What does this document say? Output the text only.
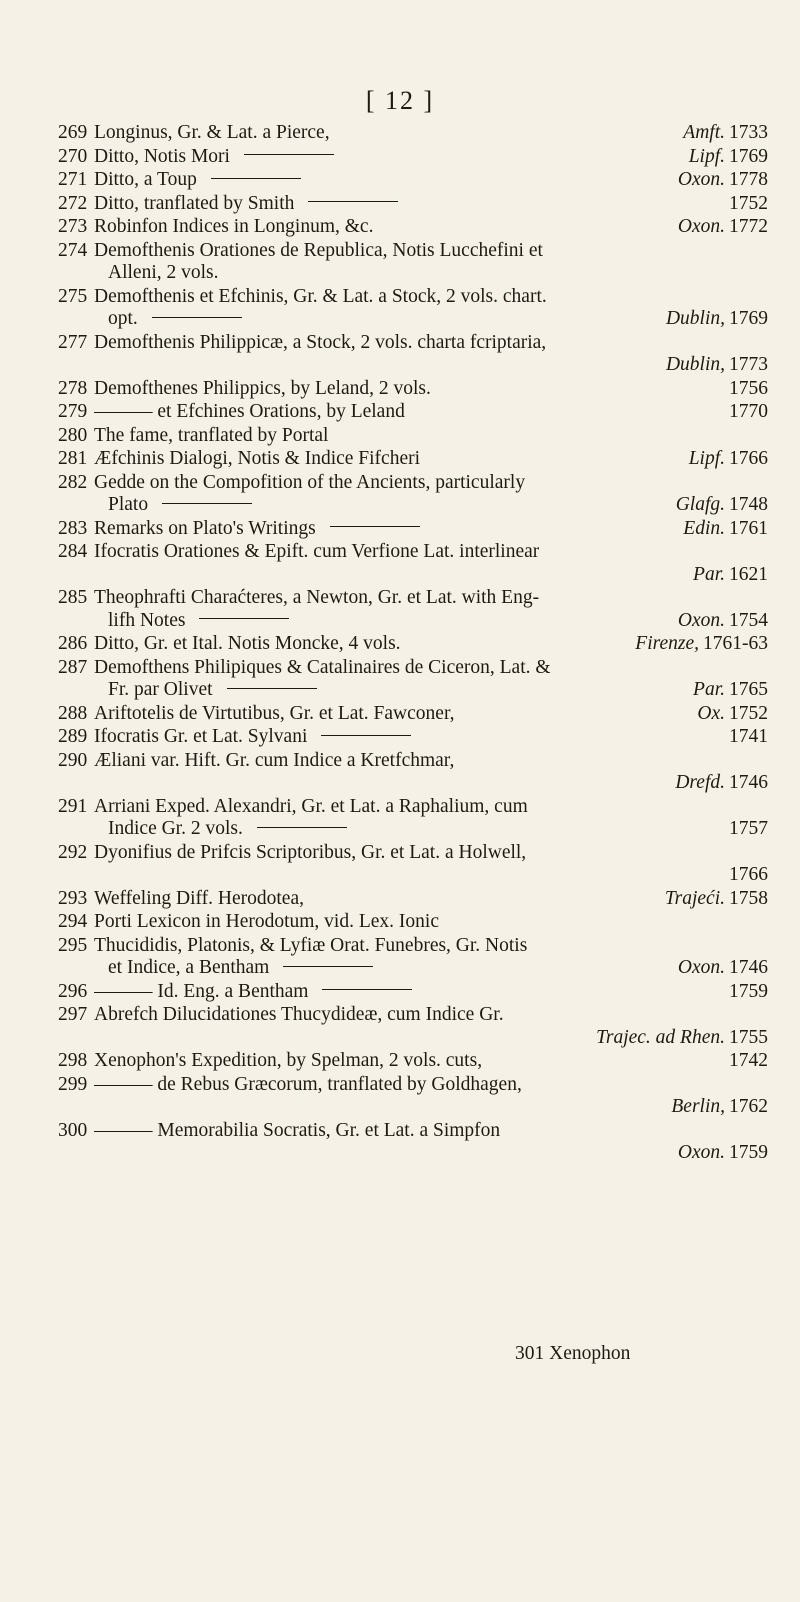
[ 12 ]
269 Longinus, Gr. & Lat. a Pierce,	Amft. 1733
270 Ditto, Notis Mori	Lipf. 1769
271 Ditto, a Toup	Oxon. 1778
272 Ditto, tranflated by Smith	1752
273 Robinfon Indices in Longinum, &c.	Oxon. 1772
274 Demofthenis Orationes de Republica, Notis Lucchefini et
Alleni, 2 vols.
275 Demofthenis et Efchinis, Gr. & Lat. a Stock, 2 vols. chart.
opt.	Dublin, 1769
277 Demofthenis Philippicæ, a Stock, 2 vols. charta fcriptaria,
Dublin, 1773
278 Demofthenes Philippics, by Leland, 2 vols.	1756
279 ——— et Efchines Orations, by Leland	1770
280 The fame, tranflated by Portal
281 Æfchinis Dialogi, Notis & Indice Fifcheri	Lipf. 1766
282 Gedde on the Compofition of the Ancients, particularly
Plato	Glafg. 1748
283 Remarks on Plato's Writings	Edin. 1761
284 Ifocratis Orationes & Epift. cum Verfione Lat. interlinear
Par. 1621
285 Theophrafti Charaćteres, a Newton, Gr. et Lat. with Eng-
lifh Notes	Oxon. 1754
286 Ditto, Gr. et Ital. Notis Moncke, 4 vols.	Firenze, 1761-63
287 Demofthens Philipiques & Catalinaires de Ciceron, Lat. &
Fr. par Olivet	Par. 1765
288 Ariftotelis de Virtutibus, Gr. et Lat. Fawconer,	Ox. 1752
289 Ifocratis Gr. et Lat. Sylvani	1741
290 Æliani var. Hift. Gr. cum Indice a Kretfchmar,
Drefd. 1746
291 Arriani Exped. Alexandri, Gr. et Lat. a Raphalium, cum
Indice Gr. 2 vols.	1757
292 Dyonifius de Prifcis Scriptoribus, Gr. et Lat. a Holwell,
1766
293 Weffeling Diff. Herodotea,	Trajeći. 1758
294 Porti Lexicon in Herodotum, vid. Lex. Ionic
295 Thucididis, Platonis, & Lyfiæ Orat. Funebres, Gr. Notis
et Indice, a Bentham	Oxon. 1746
296 ——— Id. Eng. a Bentham	1759
297 Abrefch Dilucidationes Thucydideæ, cum Indice Gr.
Trajec. ad Rhen. 1755
298 Xenophon's Expedition, by Spelman, 2 vols. cuts,	1742
299 ——— de Rebus Græcorum, tranflated by Goldhagen,
Berlin, 1762
300 ——— Memorabilia Socratis, Gr. et Lat. a Simpfon
Oxon. 1759
301 Xenophon
